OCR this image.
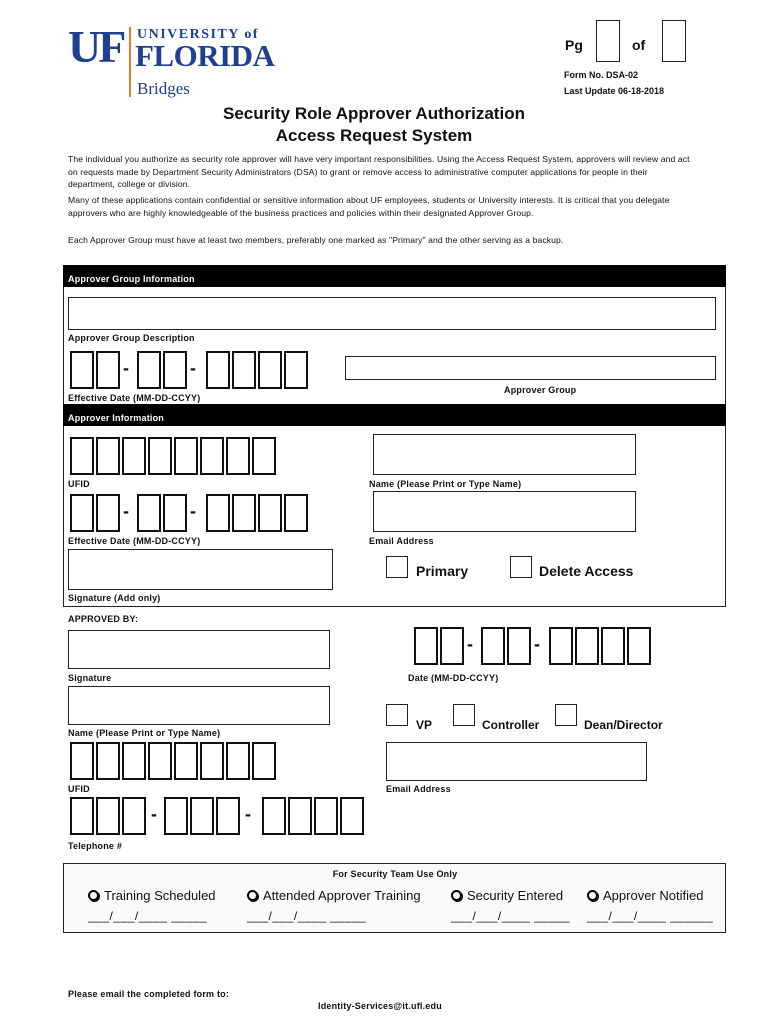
UF UNIVERSITY of
FLORIDA
Bridges
Pg	of
Form No. DSA-02
Last Update 06-18-2018
Security Role Approver Authorization
Access Request System
The individual you authorize as security role approver will have very important responsibilities. Using the Access Request System, approvers will review and act on requests made by Department Security Administrators (DSA) to grant or remove access to administrative computer applications for people in their department, college or division.
Many of these applications contain confidential or sensitive information about UF employees, students or University interests. It is critical that you delegate approvers who are highly knowledgeable of the business practices and policies within their designated Approver Group.
Each Approver Group must have at least two members, preferably one marked as "Primary" and the other serving as a backup.
Approver Group Information
Approver Group Description
-	-
Effective Date (MM-DD-CCYY)
Approver Group
Approver Information
UFID	Name (Please Print or Type Name)
-	-
Effective Date (MM-DD-CCYY)	Email Address
Signature (Add only)
Primary	Delete Access
APPROVED BY:
Signature
-	-
Date (MM-DD-CCYY)
Name (Please Print or Type Name)
VP	Controller	Dean/Director
UFID	Email Address
-	-
Telephone #
For Security Team Use Only
Training Scheduled
___/___/____ _____
Attended Approver Training
___/___/____ _____
Security Entered
___/___/____ _____
Approver Notified
___/___/____ ______
Please email the completed form to:
Identity-Services@it.ufl.edu
